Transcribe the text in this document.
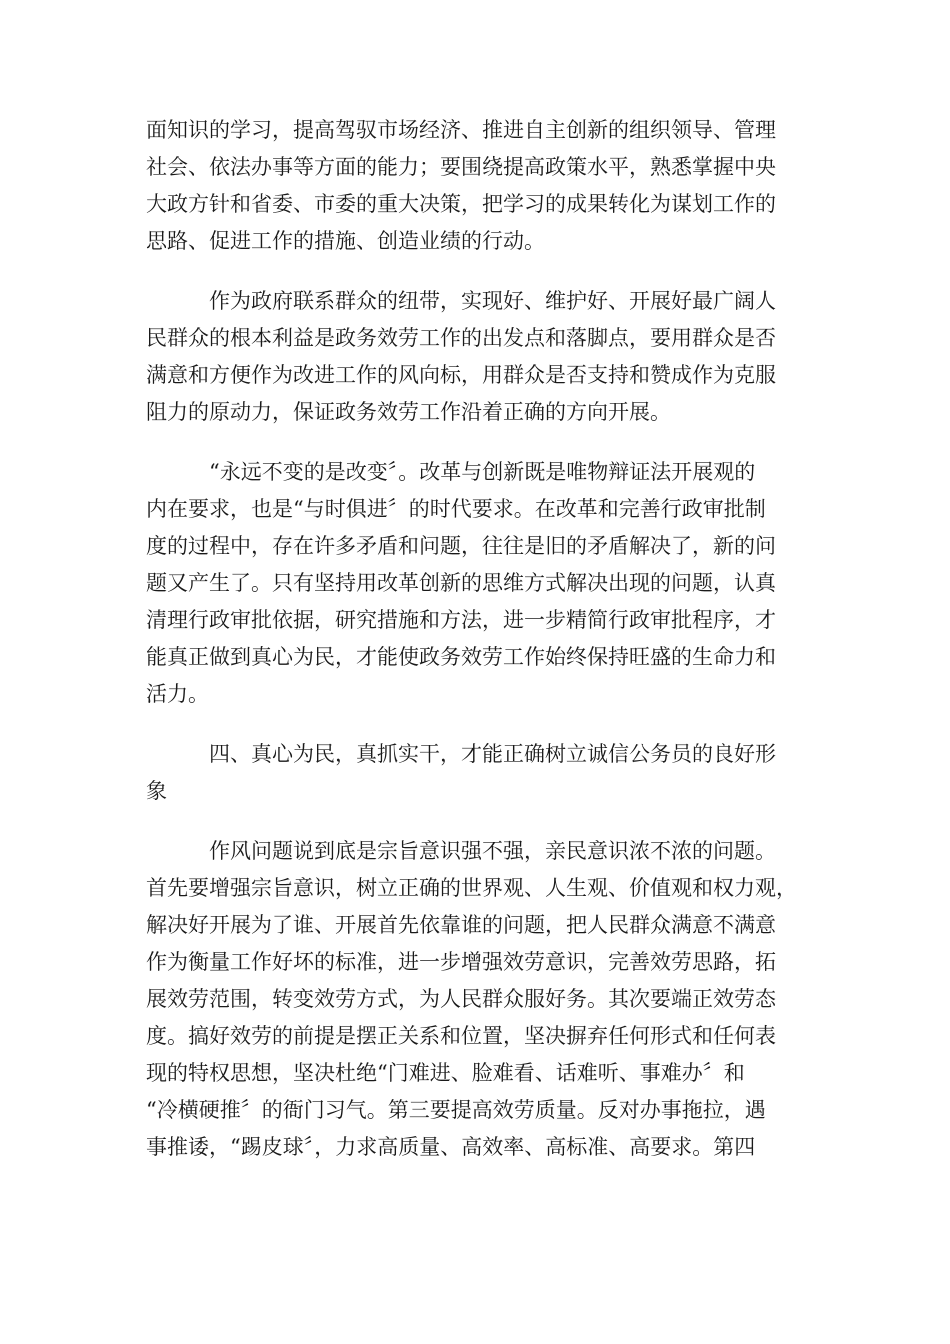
面知识的学习，提高驾驭市场经济、推进自主创新的组织领导、管理
社会、依法办事等方面的能力；要围绕提高政策水平，熟悉掌握中央
大政方针和省委、市委的重大决策，把学习的成果转化为谋划工作的
思路、促进工作的措施、创造业绩的行动。
作为政府联系群众的纽带，实现好、维护好、开展好最广阔人
民群众的根本利益是政务效劳工作的出发点和落脚点，要用群众是否
满意和方便作为改进工作的风向标，用群众是否支持和赞成作为克服
阻力的原动力，保证政务效劳工作沿着正确的方向开展。
“永远不变的是改变〞。改革与创新既是唯物辩证法开展观的
内在要求，也是“与时俱进〞的时代要求。在改革和完善行政审批制
度的过程中，存在许多矛盾和问题，往往是旧的矛盾解决了，新的问
题又产生了。只有坚持用改革创新的思维方式解决出现的问题，认真
清理行政审批依据，研究措施和方法，进一步精简行政审批程序，才
能真正做到真心为民，才能使政务效劳工作始终保持旺盛的生命力和
活力。
四、真心为民，真抓实干，才能正确树立诚信公务员的良好形
象
作风问题说到底是宗旨意识强不强，亲民意识浓不浓的问题。
首先要增强宗旨意识，树立正确的世界观、人生观、价值观和权力观，
解决好开展为了谁、开展首先依靠谁的问题，把人民群众满意不满意
作为衡量工作好坏的标准，进一步增强效劳意识，完善效劳思路，拓
展效劳范围，转变效劳方式，为人民群众服好务。其次要端正效劳态
度。搞好效劳的前提是摆正关系和位置，坚决摒弃任何形式和任何表
现的特权思想，坚决杜绝“门难进、脸难看、话难听、事难办〞和
“冷横硬推〞的衙门习气。第三要提高效劳质量。反对办事拖拉，遇
事推诿，“踢皮球〞，力求高质量、高效率、高标准、高要求。第四
